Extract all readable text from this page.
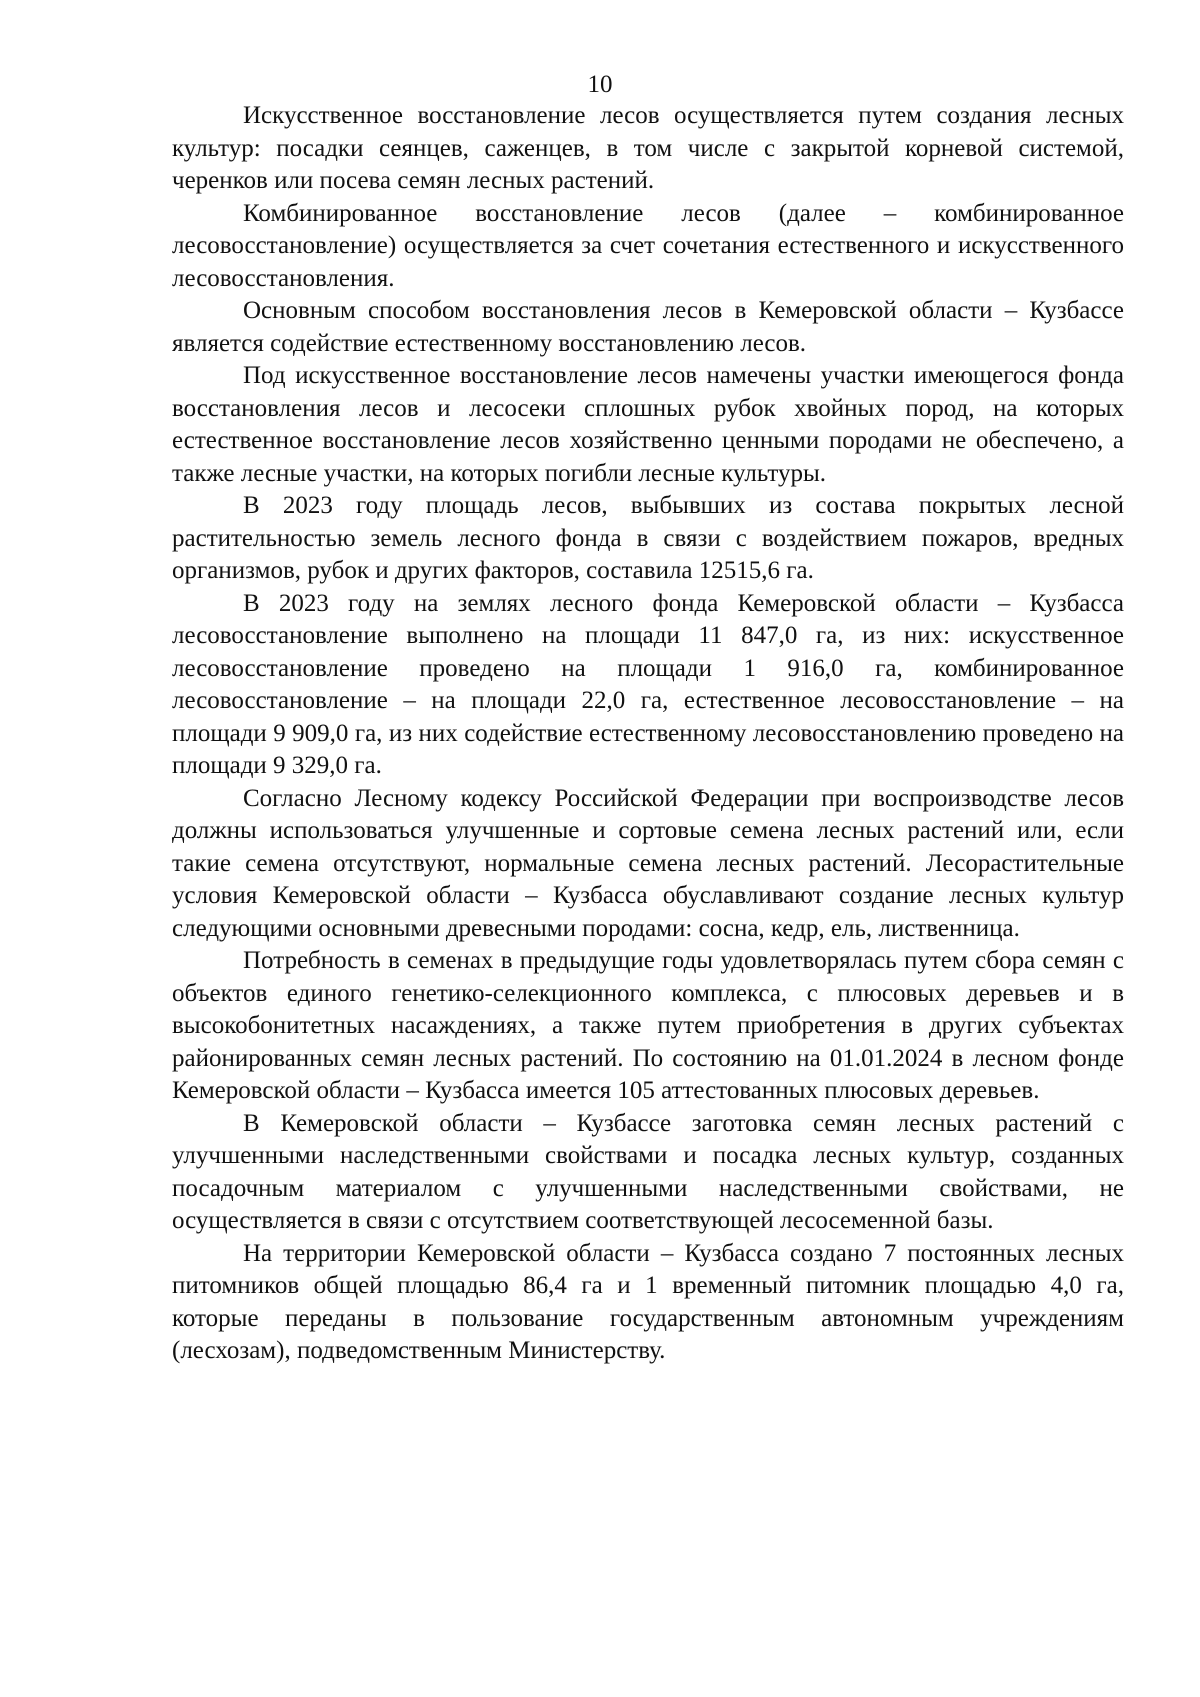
10

Искусственное восстановление лесов осуществляется путем создания лесных культур: посадки сеянцев, саженцев, в том числе с закрытой корневой системой, черенков или посева семян лесных растений.

Комбинированное восстановление лесов (далее – комбинированное лесовосстановление) осуществляется за счет сочетания естественного и искусственного лесовосстановления.

Основным способом восстановления лесов в Кемеровской области – Кузбассе является содействие естественному восстановлению лесов.

Под искусственное восстановление лесов намечены участки имеющегося фонда восстановления лесов и лесосеки сплошных рубок хвойных пород, на которых естественное восстановление лесов хозяйственно ценными породами не обеспечено, а также лесные участки, на которых погибли лесные культуры.

В 2023 году площадь лесов, выбывших из состава покрытых лесной растительностью земель лесного фонда в связи с воздействием пожаров, вредных организмов, рубок и других факторов, составила 12515,6 га.

В 2023 году на землях лесного фонда Кемеровской области – Кузбасса лесовосстановление выполнено на площади 11 847,0 га, из них: искусственное лесовосстановление проведено на площади 1 916,0 га, комбинированное лесовосстановление – на площади 22,0 га, естественное лесовосстановление – на площади 9 909,0 га, из них содействие естественному лесовосстановлению проведено на площади 9 329,0 га.

Согласно Лесному кодексу Российской Федерации при воспроизводстве лесов должны использоваться улучшенные и сортовые семена лесных растений или, если такие семена отсутствуют, нормальные семена лесных растений. Лесорастительные условия Кемеровской области – Кузбасса обуславливают создание лесных культур следующими основными древесными породами: сосна, кедр, ель, лиственница.

Потребность в семенах в предыдущие годы удовлетворялась путем сбора семян с объектов единого генетико-селекционного комплекса, с плюсовых деревьев и в высокобонитетных насаждениях, а также путем приобретения в других субъектах районированных семян лесных растений. По состоянию на 01.01.2024 в лесном фонде Кемеровской области – Кузбасса имеется 105 аттестованных плюсовых деревьев.

В Кемеровской области – Кузбассе заготовка семян лесных растений с улучшенными наследственными свойствами и посадка лесных культур, созданных посадочным материалом с улучшенными наследственными свойствами, не осуществляется в связи с отсутствием соответствующей лесосеменной базы.

На территории Кемеровской области – Кузбасса создано 7 постоянных лесных питомников общей площадью 86,4 га и 1 временный питомник площадью 4,0 га, которые переданы в пользование государственным автономным учреждениям (лесхозам), подведомственным Министерству.
